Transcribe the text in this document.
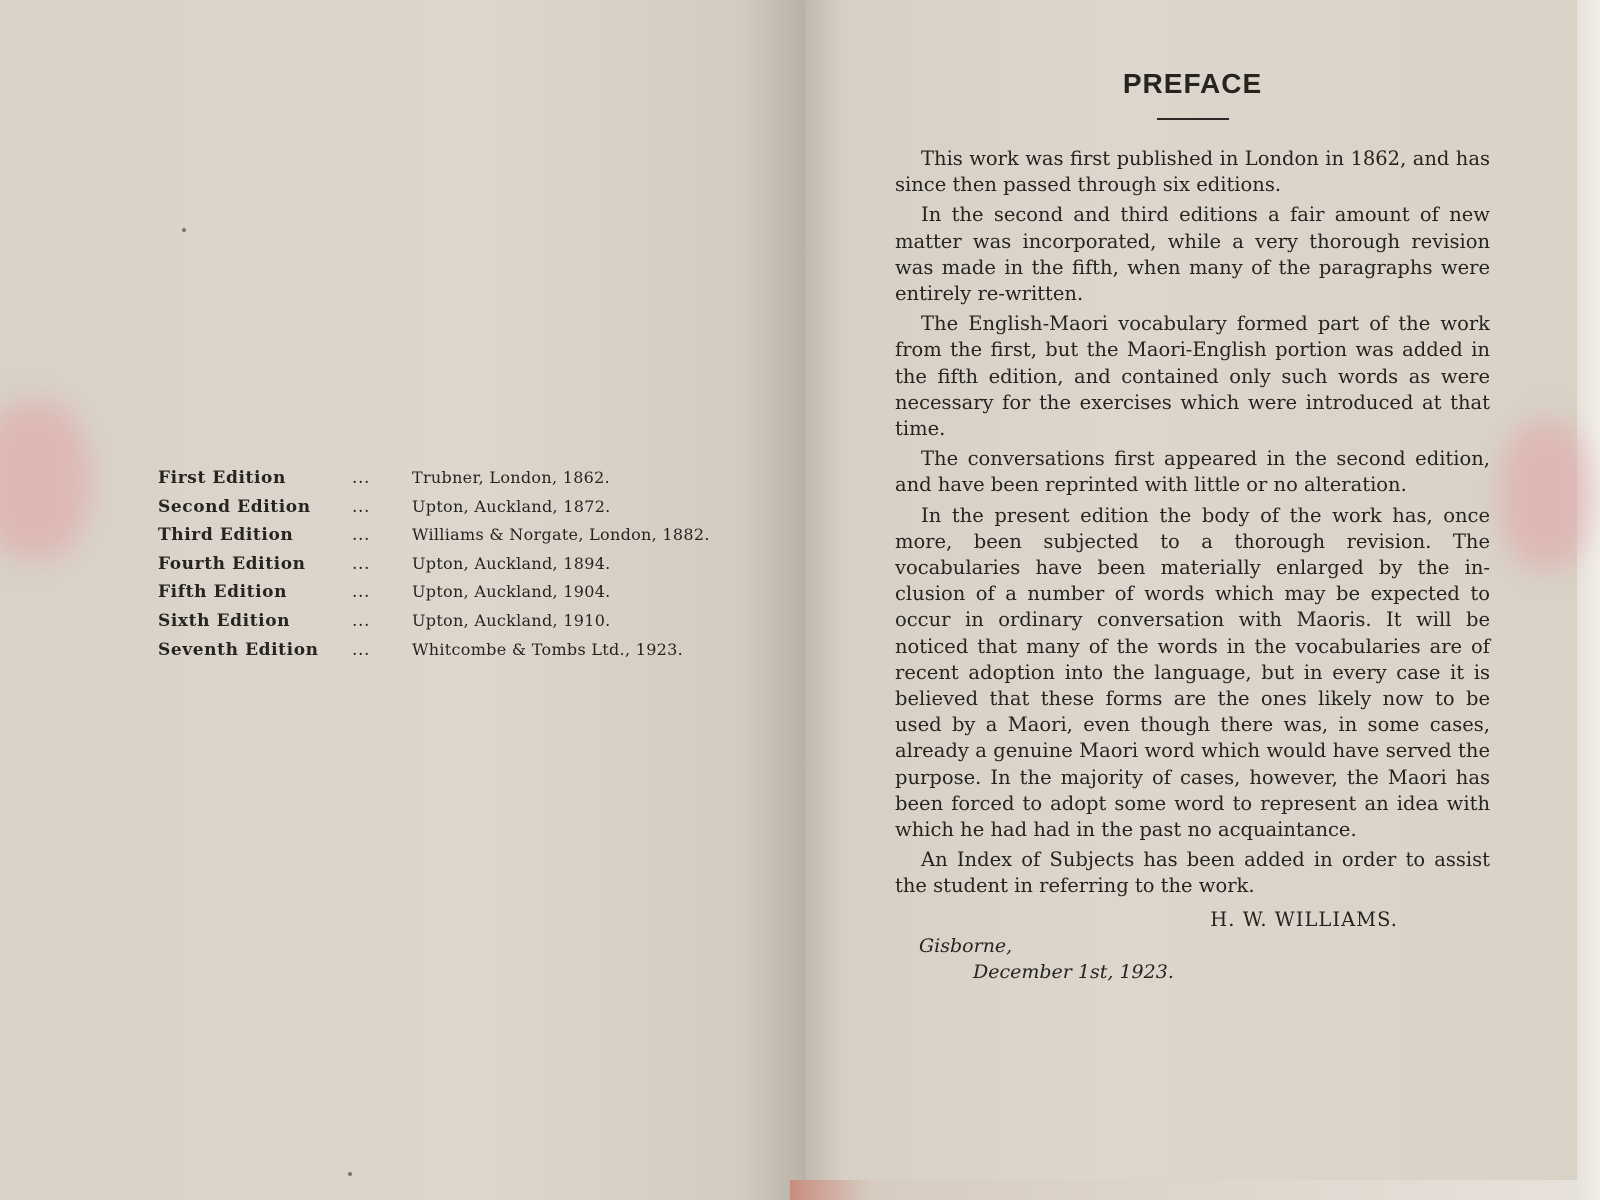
First Edition	...	Trubner, London, 1862.
Second Edition ...	Upton, Auckland, 1872.
Third Edition	...	Williams & Norgate, London, 1882.
Fourth Edition	...	Upton, Auckland, 1894.
Fifth Edition	...	Upton, Auckland, 1904.
Sixth Edition	...	Upton, Auckland, 1910.
Seventh Edition ...	Whitcombe & Tombs Ltd., 1923.
PREFACE

This work was first published in London in 1862, and has since then passed through six editions.

In the second and third editions a fair amount of new matter was incorporated, while a very thorough revision was made in the fifth, when many of the paragraphs were entirely re-written.

The English-Maori vocabulary formed part of the work from the first, but the Maori-English portion was added in the fifth edition, and contained only such words as were necessary for the exercises which were introduced at that time.

The conversations first appeared in the second edition, and have been reprinted with little or no alteration.

In the present edition the body of the work has, once more, been subjected to a thorough revision. The vocabularies have been materially enlarged by the in-clusion of a number of words which may be expected to occur in ordinary conversation with Maoris. It will be noticed that many of the words in the vocabularies are of recent adoption into the language, but in every case it is believed that these forms are the ones likely now to be used by a Maori, even though there was, in some cases, already a genuine Maori word which would have served the purpose. In the majority of cases, however, the Maori has been forced to adopt some word to represent an idea with which he had had in the past no acquaintance.

An Index of Subjects has been added in order to assist the student in referring to the work.

H. W. WILLIAMS.
Gisborne,
December 1st, 1923.
